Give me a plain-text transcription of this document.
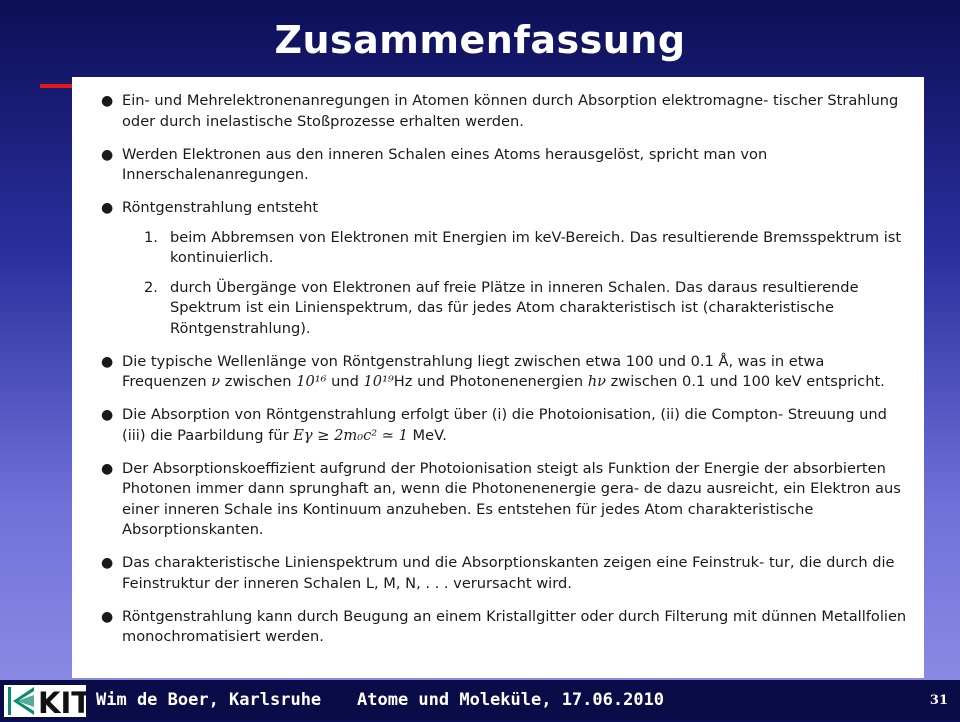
Zusammenfassung
● Ein- und Mehrelektronenanregungen in Atomen können durch Absorption elektromagne- tischer Strahlung oder durch inelastische Stoßprozesse erhalten werden.
● Werden Elektronen aus den inneren Schalen eines Atoms herausgelöst, spricht man von Innerschalenanregungen.
● Röntgenstrahlung entsteht
1. beim Abbremsen von Elektronen mit Energien im keV-Bereich. Das resultierende Bremsspektrum ist kontinuierlich.
2. durch Übergänge von Elektronen auf freie Plätze in inneren Schalen. Das daraus resultierende Spektrum ist ein Linienspektrum, das für jedes Atom charakteristisch ist (charakteristische Röntgenstrahlung).
● Die typische Wellenlänge von Röntgenstrahlung liegt zwischen etwa 100 und 0.1 Å, was in etwa Frequenzen ν zwischen 10¹⁶ und 10¹⁹Hz und Photonenenergien hν zwischen 0.1 und 100 keV entspricht.
● Die Absorption von Röntgenstrahlung erfolgt über (i) die Photoionisation, (ii) die Compton- Streuung und (iii) die Paarbildung für Eγ ≥ 2m₀c² ≃ 1 MeV.
● Der Absorptionskoeffizient aufgrund der Photoionisation steigt als Funktion der Energie der absorbierten Photonen immer dann sprunghaft an, wenn die Photonenenergie gera- de dazu ausreicht, ein Elektron aus einer inneren Schale ins Kontinuum anzuheben. Es entstehen für jedes Atom charakteristische Absorptionskanten.
● Das charakteristische Linienspektrum und die Absorptionskanten zeigen eine Feinstruk- tur, die durch die Feinstruktur der inneren Schalen L, M, N, . . . verursacht wird.
● Röntgenstrahlung kann durch Beugung an einem Kristallgitter oder durch Filterung mit dünnen Metallfolien monochromatisiert werden.
KIT Wim de Boer, Karlsruhe Atome und Moleküle, 17.06.2010	31
